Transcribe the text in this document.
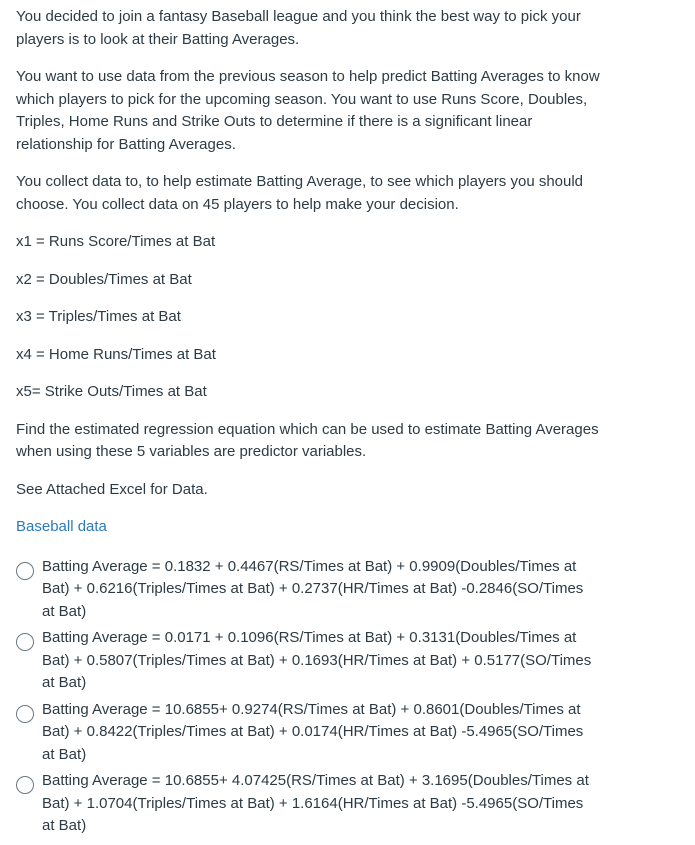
You decided to join a fantasy Baseball league and you think the best way to pick your players is to look at their Batting Averages.

You want to use data from the previous season to help predict Batting Averages to know which players to pick for the upcoming season. You want to use Runs Score, Doubles, Triples, Home Runs and Strike Outs to determine if there is a significant linear relationship for Batting Averages.

You collect data to, to help estimate Batting Average, to see which players you should choose. You collect data on 45 players to help make your decision.

x1 = Runs Score/Times at Bat

x2 = Doubles/Times at Bat

x3 = Triples/Times at Bat

x4 = Home Runs/Times at Bat

x5= Strike Outs/Times at Bat

Find the estimated regression equation which can be used to estimate Batting Averages when using these 5 variables are predictor variables.

See Attached Excel for Data.

Baseball data
Batting Average = 0.1832 + 0.4467(RS/Times at Bat) + 0.9909(Doubles/Times at Bat) + 0.6216(Triples/Times at Bat) + 0.2737(HR/Times at Bat) -0.2846(SO/Times at Bat)
Batting Average = 0.0171 + 0.1096(RS/Times at Bat) + 0.3131(Doubles/Times at Bat) + 0.5807(Triples/Times at Bat) + 0.1693(HR/Times at Bat) + 0.5177(SO/Times at Bat)
Batting Average = 10.6855+ 0.9274(RS/Times at Bat) + 0.8601(Doubles/Times at Bat) + 0.8422(Triples/Times at Bat) + 0.0174(HR/Times at Bat) -5.4965(SO/Times at Bat)
Batting Average = 10.6855+ 4.07425(RS/Times at Bat) + 3.1695(Doubles/Times at Bat) + 1.0704(Triples/Times at Bat) + 1.6164(HR/Times at Bat) -5.4965(SO/Times at Bat)
